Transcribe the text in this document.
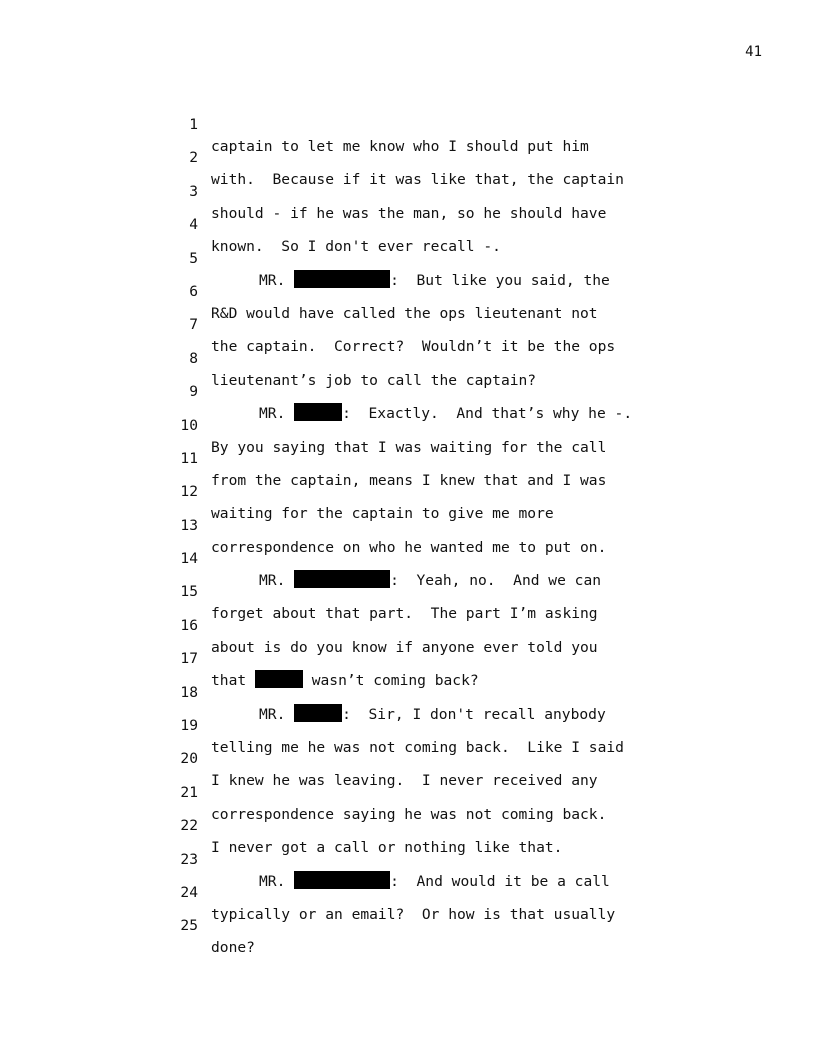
41

1

captain to let me know who I should put him

2

with.  Because if it was like that, the captain

3

should - if he was the man, so he should have

4

known.  So I don't ever recall -.

5

MR.	:  But like you said, the

6

R&D would have called the ops lieutenant not

7

the captain.  Correct?  Wouldn’t it be the ops

8

lieutenant’s job to call the captain?

9

MR.	:  Exactly.  And that’s why he -.

10

By you saying that I was waiting for the call

11

from the captain, means I knew that and I was

12

waiting for the captain to give me more

13

correspondence on who he wanted me to put on.

14

MR.	:  Yeah, no.  And we can

15

forget about that part.  The part I’m asking

16

about is do you know if anyone ever told you

17

that	wasn’t coming back?

18

MR.	:  Sir, I don't recall anybody

19

telling me he was not coming back.  Like I said

20

I knew he was leaving.  I never received any

21

correspondence saying he was not coming back.

22

I never got a call or nothing like that.

23

MR.	:  And would it be a call

24

typically or an email?  Or how is that usually

25

done?
